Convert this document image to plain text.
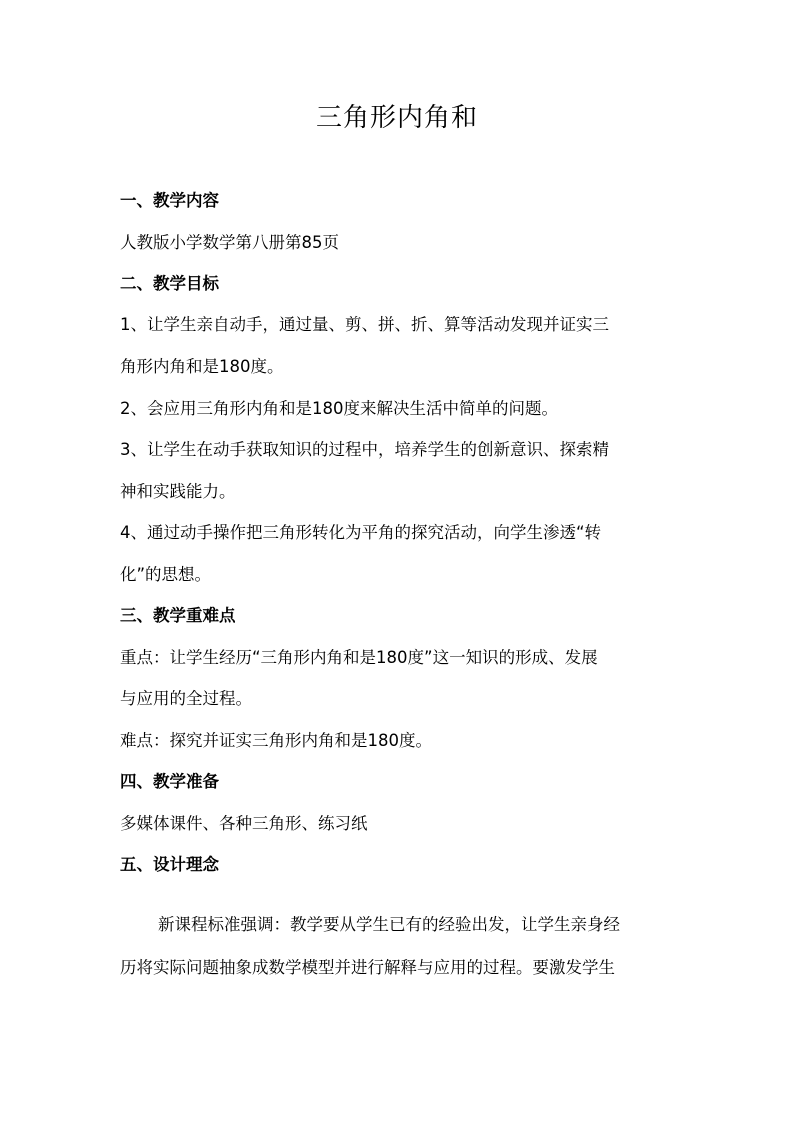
三角形内角和
一、教学内容
人教版小学数学第八册第85页
二、教学目标
1、让学生亲自动手，通过量、剪、拼、折、算等活动发现并证实三
角形内角和是180度。
2、会应用三角形内角和是180度来解决生活中简单的问题。
3、让学生在动手获取知识的过程中，培养学生的创新意识、探索精
神和实践能力。
4、通过动手操作把三角形转化为平角的探究活动，向学生渗透“转
化”的思想。
三、教学重难点
重点：让学生经历“三角形内角和是180度”这一知识的形成、发展
与应用的全过程。
难点：探究并证实三角形内角和是180度。
四、教学准备
多媒体课件、各种三角形、练习纸
五、设计理念
新课程标准强调：教学要从学生已有的经验出发，让学生亲身经
历将实际问题抽象成数学模型并进行解释与应用的过程。要激发学生
